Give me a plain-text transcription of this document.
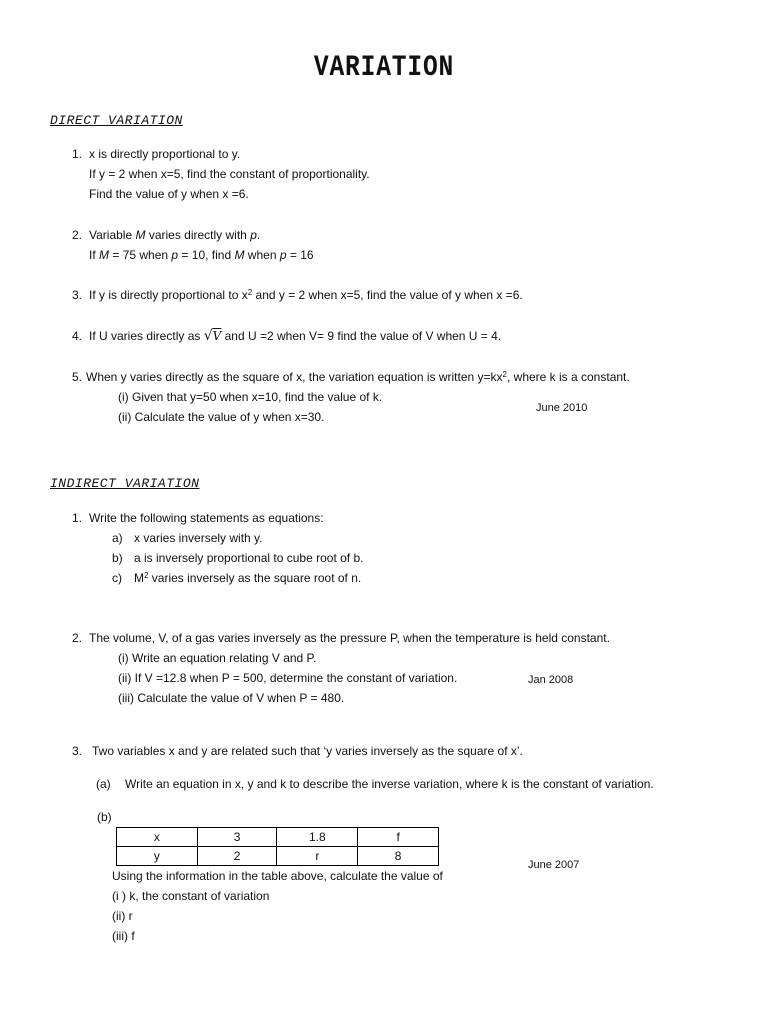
VARIATION
DIRECT VARIATION
1. x is directly proportional to y.
If y = 2 when x=5, find the constant of proportionality.
Find the value of y when x =6.
2. Variable M varies directly with p.
If M = 75 when p = 10, find M when p = 16
3. If y is directly proportional to $x^2$ and y = 2 when x=5, find the value of y when x =6.
4. If U varies directly as √V and U =2 when V= 9 find the value of V when U = 4.
5. When y varies directly as the square of x, the variation equation is written $y=kx^2$, where k is a constant.
(i) Given that y=50 when x=10, find the value of k.
(ii) Calculate the value of y when x=30.
June 2010
INDIRECT VARIATION
1. Write the following statements as equations:
a) x varies inversely with y.
b) a is inversely proportional to cube root of b.
c) $M^2$ varies inversely as the square root of n.
2. The volume, V, of a gas varies inversely as the pressure P, when the temperature is held constant.
(i) Write an equation relating V and P.
(ii) If V =12.8 when P = 500, determine the constant of variation.
(iii) Calculate the value of V when P = 480.
Jan 2008
3. Two variables x and y are related such that ‘y varies inversely as the square of x’.
(a) Write an equation in x, y and k to describe the inverse variation, where k is the constant of variation.
(b)
x	3	1.8	f
y	2	r	8
Using the information in the table above, calculate the value of
(i ) k, the constant of variation
(ii) r
(iii) f
June 2007
